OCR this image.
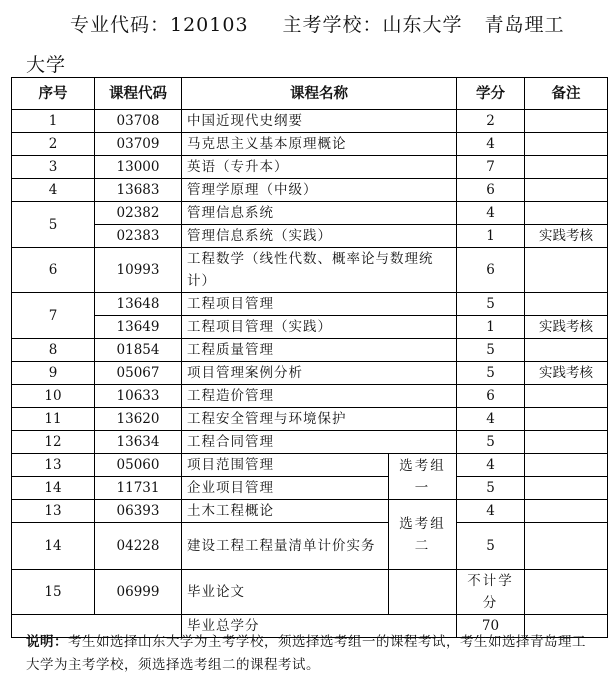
专业代码：120103 主考学校：山东大学 青岛理工
大学
序号	课程代码	课程名称		学分	备注
1	03708	中国近现代史纲要		2	
2	03709	马克思主义基本原理概论		4	
3	13000	英语（专升本）		7	
4	13683	管理学原理（中级）		6	
5	02382	管理信息系统		4	
	02383	管理信息系统（实践）		1	实践考核
6	10993	工程数学（线性代数、概率论与数理统计）		6	
7	13648	工程项目管理		5	
	13649	工程项目管理（实践）		1	实践考核
8	01854	工程质量管理		5	
9	05067	项目管理案例分析		5	实践考核
10	10633	工程造价管理		6	
11	13620	工程安全管理与环境保护		4	
12	13634	工程合同管理		5	
13	05060	项目范围管理	选考组一	4	
14	11731	企业项目管理		5	
13	06393	土木工程概论	选考组二	4	
14	04228	建设工程工程量清单计价实务		5	
15	06999	毕业论文		不计学分	
		毕业总学分		70	
说明：考生如选择山东大学为主考学校，须选择选考组一的课程考试，考生如选择青岛理工大学为主考学校，须选择选考组二的课程考试。
